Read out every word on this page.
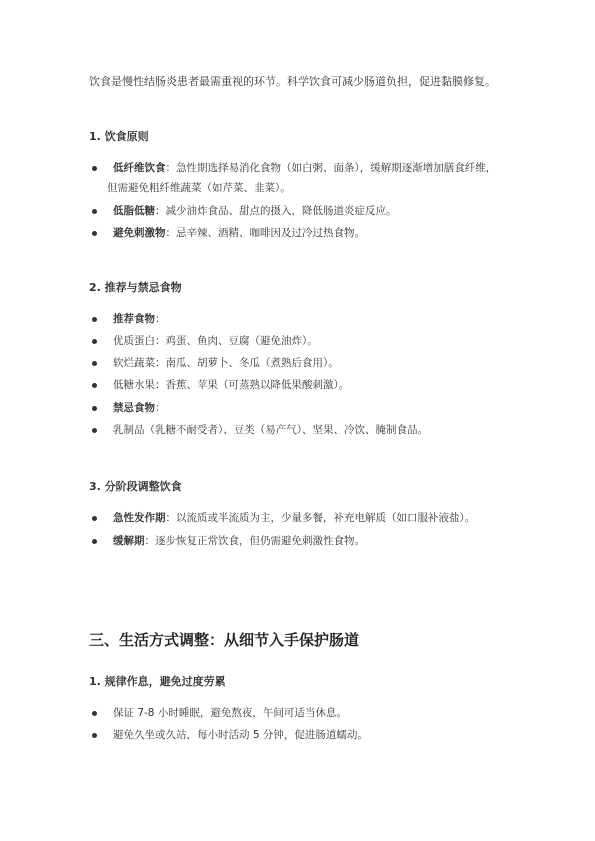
饮食是慢性结肠炎患者最需重视的环节。科学饮食可减少肠道负担，促进黏膜修复。
1. 饮食原则
低纤维饮食：急性期选择易消化食物（如白粥、面条），缓解期逐渐增加膳食纤维，
但需避免粗纤维蔬菜（如芹菜、韭菜）。
低脂低糖：减少油炸食品、甜点的摄入，降低肠道炎症反应。
避免刺激物：忌辛辣、酒精、咖啡因及过冷过热食物。
2. 推荐与禁忌食物
推荐食物：
优质蛋白：鸡蛋、鱼肉、豆腐（避免油炸）。
软烂蔬菜：南瓜、胡萝卜、冬瓜（煮熟后食用）。
低糖水果：香蕉、苹果（可蒸熟以降低果酸刺激）。
禁忌食物：
乳制品（乳糖不耐受者）、豆类（易产气）、坚果、冷饮、腌制食品。
3. 分阶段调整饮食
急性发作期：以流质或半流质为主，少量多餐，补充电解质（如口服补液盐）。
缓解期：逐步恢复正常饮食，但仍需避免刺激性食物。
三、生活方式调整：从细节入手保护肠道
1. 规律作息，避免过度劳累
保证 7-8 小时睡眠，避免熬夜，午间可适当休息。
避免久坐或久站，每小时活动 5 分钟，促进肠道蠕动。
